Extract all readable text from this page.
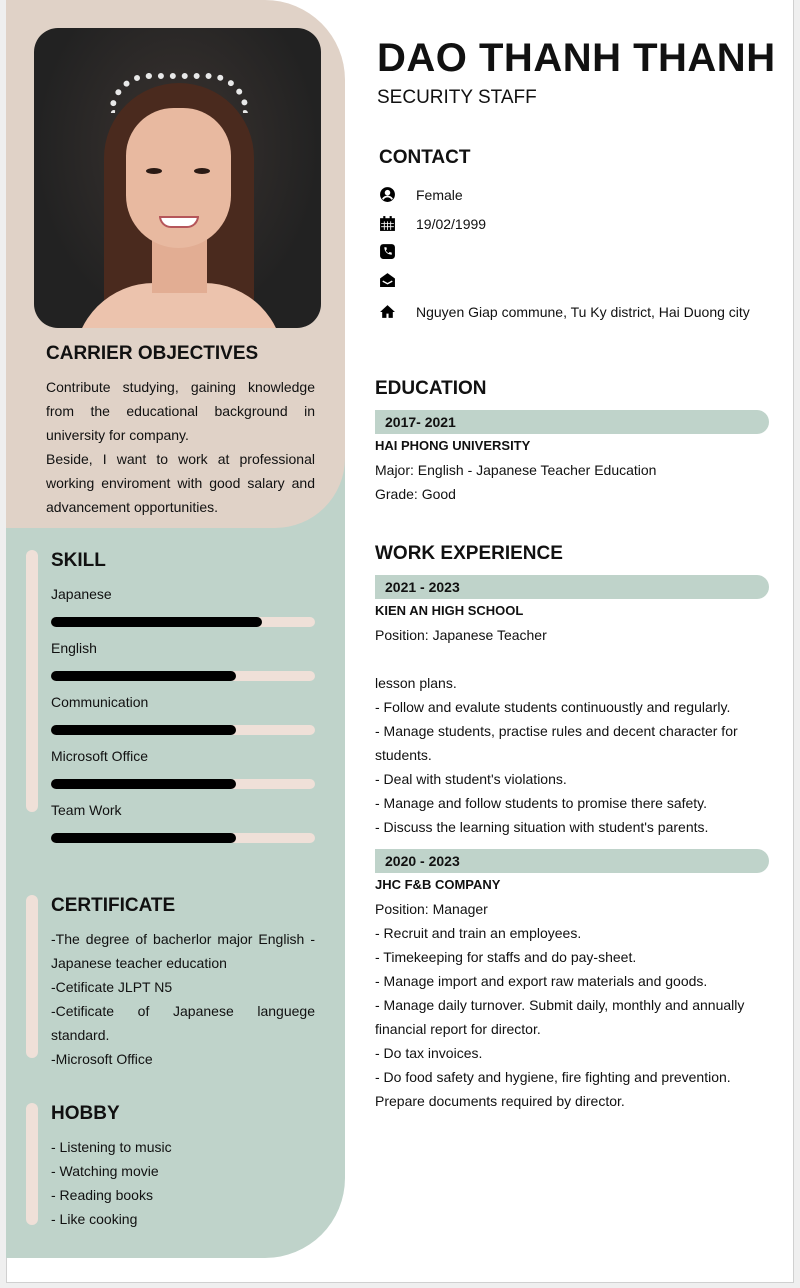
CARRIER OBJECTIVES
Contribute studying, gaining knowledge from the educational background in university for company.
Beside, I want to work at professional working enviroment with good salary and advancement opportunities.
SKILL
Japanese
English
Communication
Microsoft Office
Team Work
CERTIFICATE
-The degree of bacherlor major English - Japanese teacher education
-Cetificate JLPT N5
-Cetificate of Japanese languege standard.
-Microsoft Office
HOBBY
- Listening to music
- Watching movie
- Reading books
- Like cooking
DAO THANH THANH
SECURITY STAFF
CONTACT
Female
19/02/1999
Nguyen Giap commune, Tu Ky district, Hai Duong city
EDUCATION
2017- 2021
HAI PHONG UNIVERSITY
Major: English - Japanese Teacher Education
Grade: Good
WORK EXPERIENCE
2021 - 2023
KIEN AN HIGH SCHOOL
Position: Japanese Teacher
lesson plans.
- Follow and evalute students continuoustly and regularly.
- Manage students, practise rules and decent character for students.
- Deal with student's violations.
- Manage and follow students to promise there safety.
- Discuss the learning situation with student's parents.
2020 - 2023
JHC F&B COMPANY
Position: Manager
- Recruit and train an employees.
- Timekeeping for staffs and do pay-sheet.
- Manage import and export raw materials and goods.
- Manage daily turnover. Submit daily, monthly and annually financial report for director.
- Do tax invoices.
- Do food safety and hygiene, fire fighting and prevention. Prepare documents required by director.
